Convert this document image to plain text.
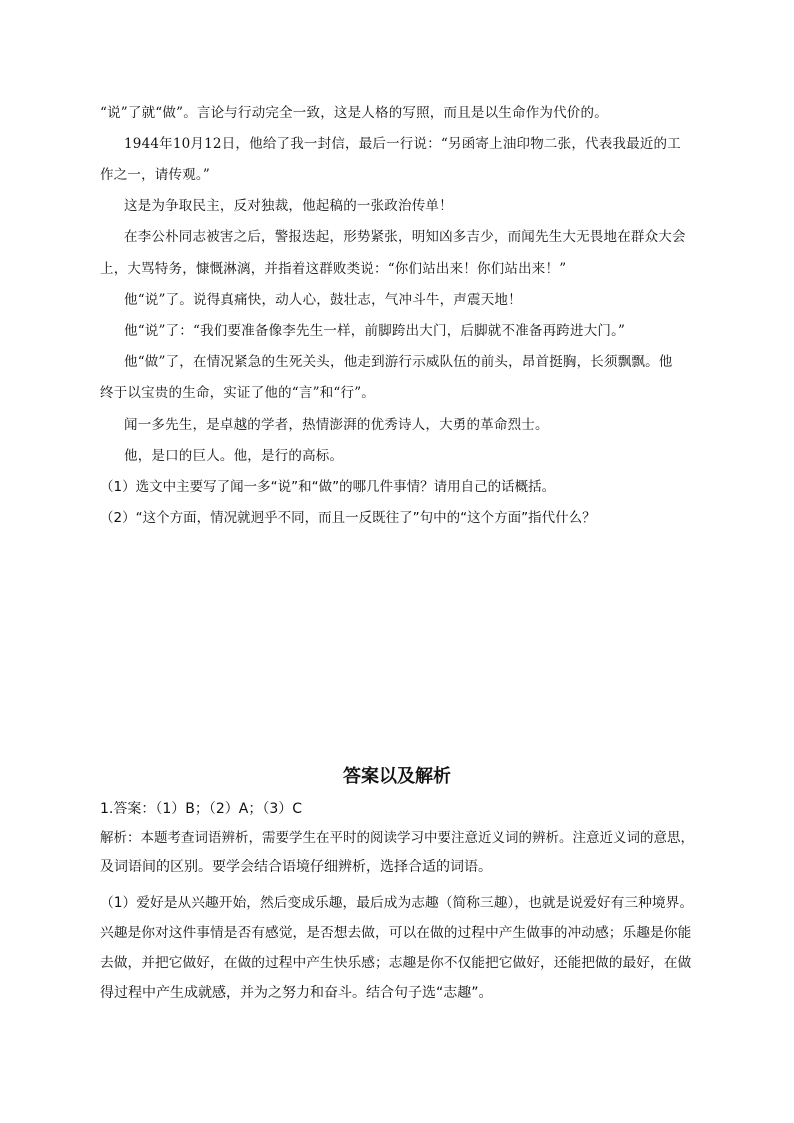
“说”了就“做”。言论与行动完全一致，这是人格的写照，而且是以生命作为代价的。
1944年10月12日，他给了我一封信，最后一行说：“另函寄上油印物二张，代表我最近的工
作之一，请传观。”
这是为争取民主，反对独裁，他起稿的一张政治传单！
在李公朴同志被害之后，警报迭起，形势紧张，明知凶多吉少，而闻先生大无畏地在群众大会
上，大骂特务，慷慨淋漓，并指着这群败类说：“你们站出来！你们站出来！”
他“说”了。说得真痛快，动人心，鼓壮志，气冲斗牛，声震天地！
他“说”了：“我们要准备像李先生一样，前脚跨出大门，后脚就不准备再跨进大门。”
他“做”了，在情况紧急的生死关头，他走到游行示威队伍的前头，昂首挺胸，长须飘飘。他
终于以宝贵的生命，实证了他的“言”和“行”。
闻一多先生，是卓越的学者，热情澎湃的优秀诗人，大勇的革命烈士。
他，是口的巨人。他，是行的高标。
（1）选文中主要写了闻一多“说”和“做”的哪几件事情？请用自己的话概括。
（2）“这个方面，情况就迥乎不同，而且一反既往了”句中的“这个方面”指代什么？
答案以及解析
1.答案：（1）B；（2）A；（3）C
解析：本题考查词语辨析，需要学生在平时的阅读学习中要注意近义词的辨析。注意近义词的意思，
及词语间的区别。要学会结合语境仔细辨析，选择合适的词语。
（1）爱好是从兴趣开始，然后变成乐趣，最后成为志趣（简称三趣），也就是说爱好有三种境界。
兴趣是你对这件事情是否有感觉，是否想去做，可以在做的过程中产生做事的冲动感；乐趣是你能
去做，并把它做好，在做的过程中产生快乐感；志趣是你不仅能把它做好，还能把做的最好，在做
得过程中产生成就感，并为之努力和奋斗。结合句子选“志趣”。
